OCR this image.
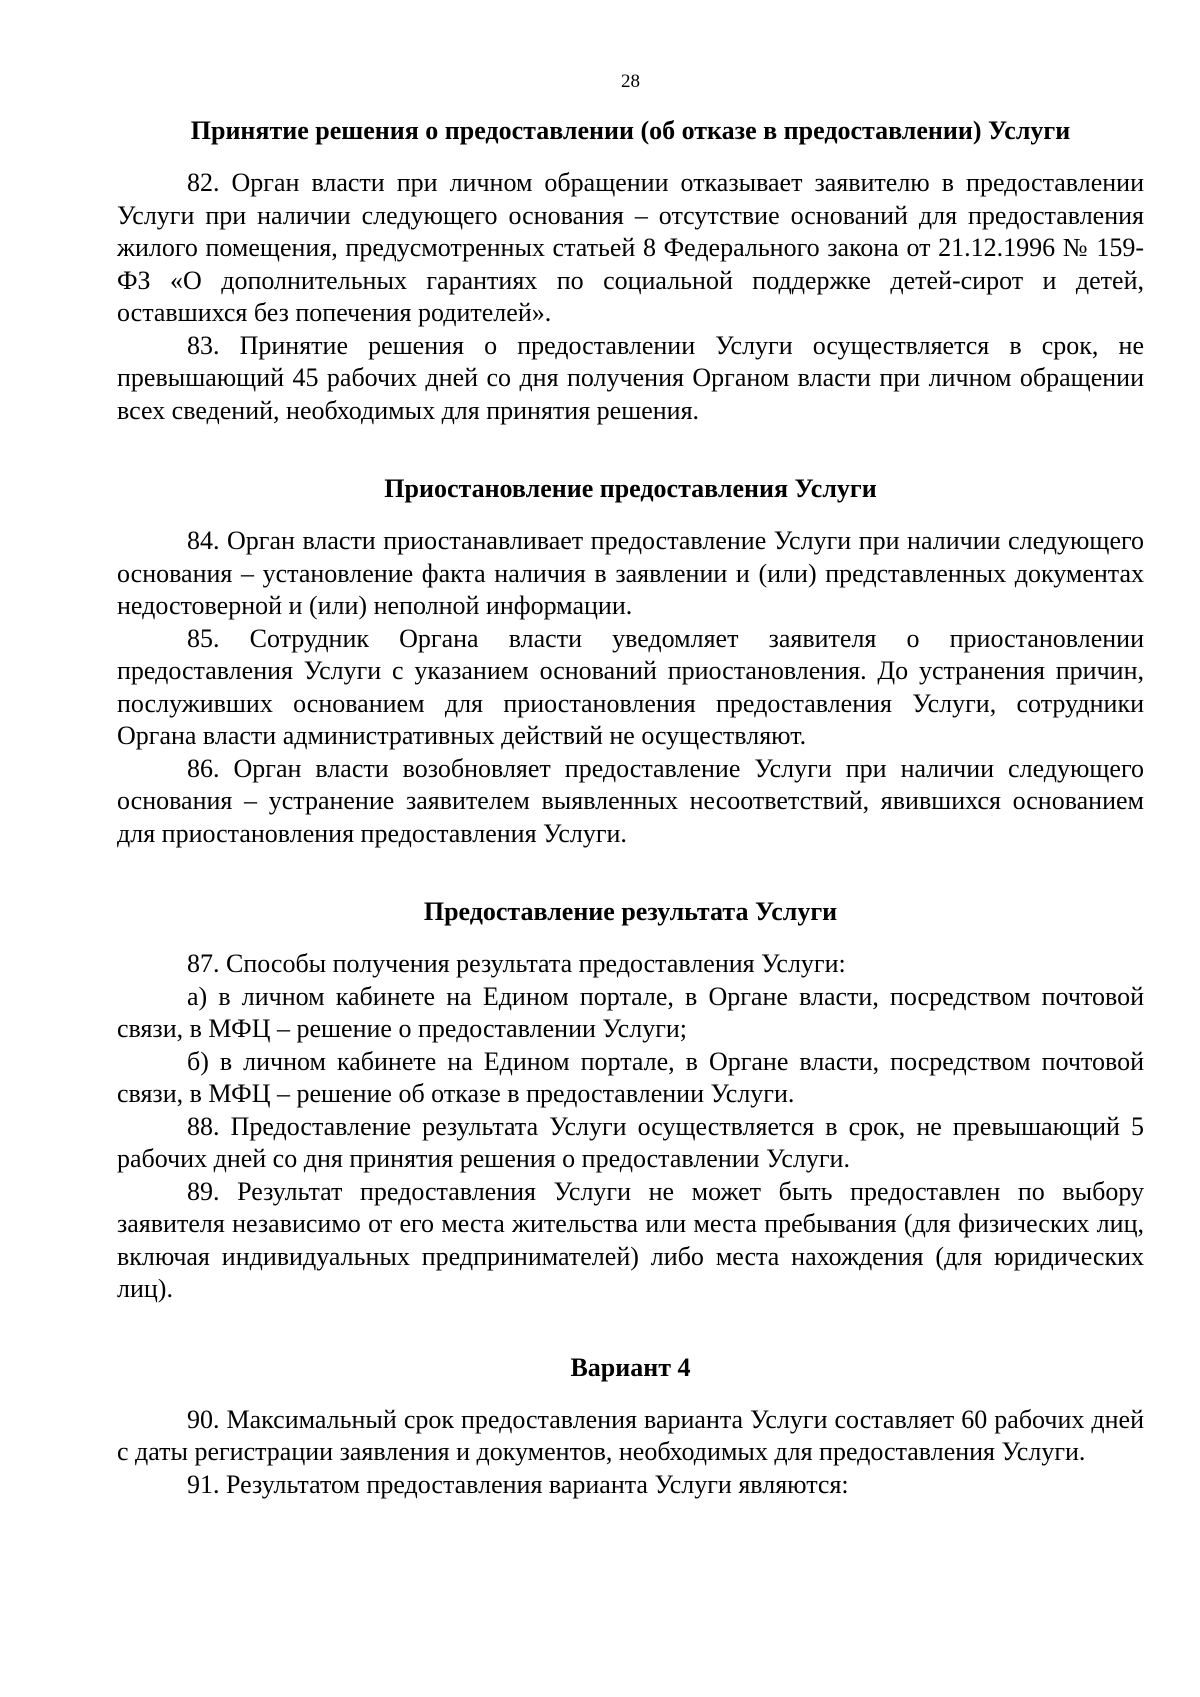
28
Принятие решения о предоставлении (об отказе в предоставлении) Услуги

82. Орган власти при личном обращении отказывает заявителю в предоставлении Услуги при наличии следующего основания – отсутствие оснований для предоставления жилого помещения, предусмотренных статьей 8 Федерального закона от 21.12.1996 № 159-ФЗ «О дополнительных гарантиях по социальной поддержке детей-сирот и детей, оставшихся без попечения родителей».

83. Принятие решения о предоставлении Услуги осуществляется в срок, не превышающий 45 рабочих дней со дня получения Органом власти при личном обращении всех сведений, необходимых для принятия решения.

Приостановление предоставления Услуги

84. Орган власти приостанавливает предоставление Услуги при наличии следующего основания – установление факта наличия в заявлении и (или) представленных документах недостоверной и (или) неполной информации.

85. Сотрудник Органа власти уведомляет заявителя о приостановлении предоставления Услуги с указанием оснований приостановления. До устранения причин, послуживших основанием для приостановления предоставления Услуги, сотрудники Органа власти административных действий не осуществляют.

86. Орган власти возобновляет предоставление Услуги при наличии следующего основания – устранение заявителем выявленных несоответствий, явившихся основанием для приостановления предоставления Услуги.

Предоставление результата Услуги

87. Способы получения результата предоставления Услуги:

а) в личном кабинете на Едином портале, в Органе власти, посредством почтовой связи, в МФЦ – решение о предоставлении Услуги;

б) в личном кабинете на Едином портале, в Органе власти, посредством почтовой связи, в МФЦ – решение об отказе в предоставлении Услуги.

88. Предоставление результата Услуги осуществляется в срок, не превышающий 5 рабочих дней со дня принятия решения о предоставлении Услуги.

89. Результат предоставления Услуги не может быть предоставлен по выбору заявителя независимо от его места жительства или места пребывания (для физических лиц, включая индивидуальных предпринимателей) либо места нахождения (для юридических лиц).

Вариант 4

90. Максимальный срок предоставления варианта Услуги составляет 60 рабочих дней с даты регистрации заявления и документов, необходимых для предоставления Услуги.

91. Результатом предоставления варианта Услуги являются:
